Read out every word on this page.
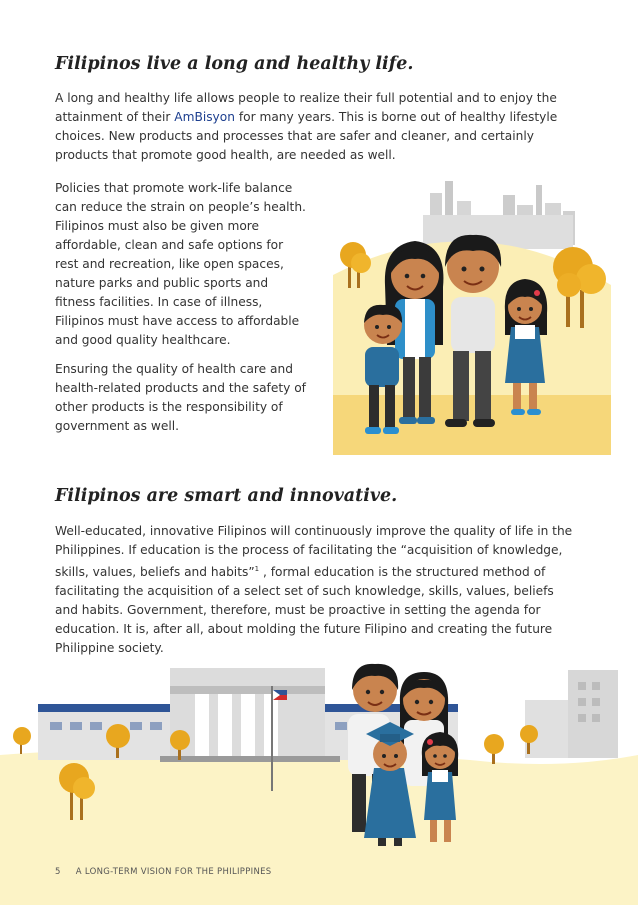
Filipinos live a long and healthy life.

A long and healthy life allows people to realize their full potential and to enjoy the
attainment of their AmBisyon for many years. This is borne out of healthy lifestyle
choices. New products and processes that are safer and cleaner, and certainly
products that promote good health, are needed as well.

Policies that promote work-life balance
can reduce the strain on people’s health.
Filipinos must also be given more
affordable, clean and safe options for
rest and recreation, like open spaces,
nature parks and public sports and
fitness facilities. In case of illness,
Filipinos must have access to affordable
and good quality healthcare.

Ensuring the quality of health care and
health-related products and the safety of
other products is the responsibility of
government as well.

Filipinos are smart and innovative.

Well-educated, innovative Filipinos will continuously improve the quality of life in the
Philippines. If education is the process of facilitating the “acquisition of knowledge,
skills, values, beliefs and habits”$^1$ , formal education is the structured method of
facilitating the acquisition of a select set of such knowledge, skills, values, beliefs
and habits. Government, therefore, must be proactive in setting the agenda for
education. It is, after all, about molding the future Filipino and creating the future
Philippine society.

5 A LONG-TERM VISION FOR THE PHILIPPINES
